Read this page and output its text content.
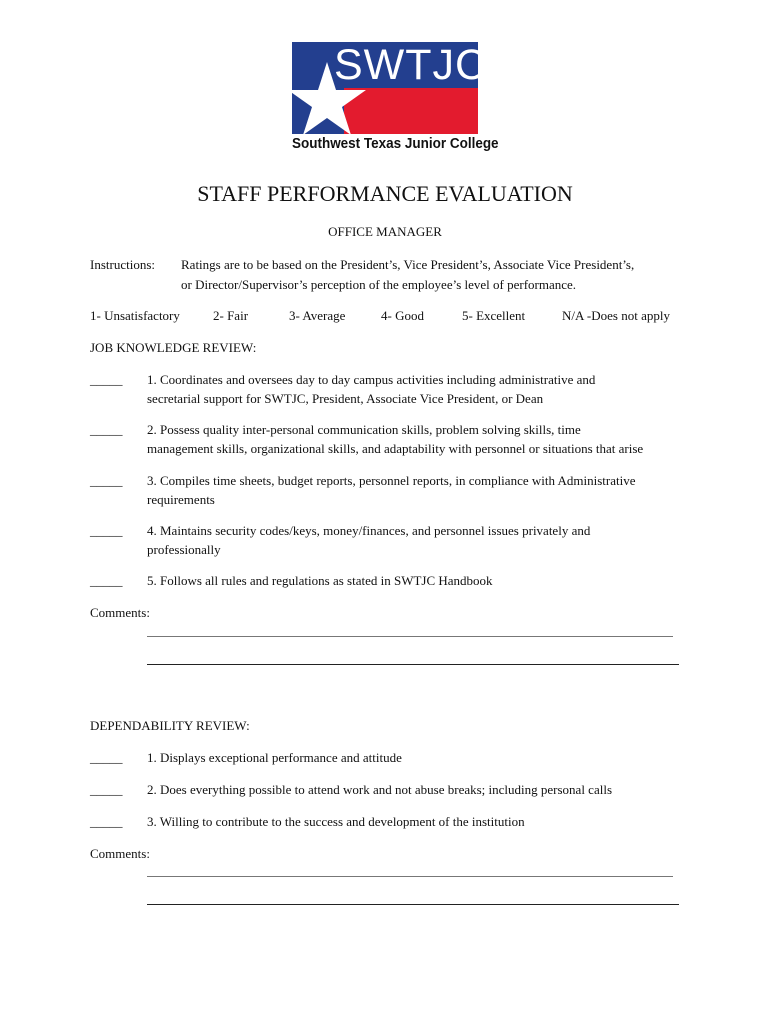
SWTJC
Southwest Texas Junior College
STAFF PERFORMANCE EVALUATION
OFFICE MANAGER
Instructions: Ratings are to be based on the President’s, Vice President’s, Associate Vice President’s,
or Director/Supervisor’s perception of the employee’s level of performance.
1- Unsatisfactory	2- Fair	3- Average	4- Good	5- Excellent	N/A -Does not apply
JOB KNOWLEDGE REVIEW:
_____ 1. Coordinates and oversees day to day campus activities including administrative and
secretarial support for SWTJC, President, Associate Vice President, or Dean
_____ 2. Possess quality inter-personal communication skills, problem solving skills, time
management skills, organizational skills, and adaptability with personnel or situations that arise
_____ 3. Compiles time sheets, budget reports, personnel reports, in compliance with Administrative
requirements
_____ 4. Maintains security codes/keys, money/finances, and personnel issues privately and
professionally
_____ 5. Follows all rules and regulations as stated in SWTJC Handbook
Comments:
DEPENDABILITY REVIEW:
_____ 1. Displays exceptional performance and attitude
_____ 2. Does everything possible to attend work and not abuse breaks; including personal calls
_____ 3. Willing to contribute to the success and development of the institution
Comments:
